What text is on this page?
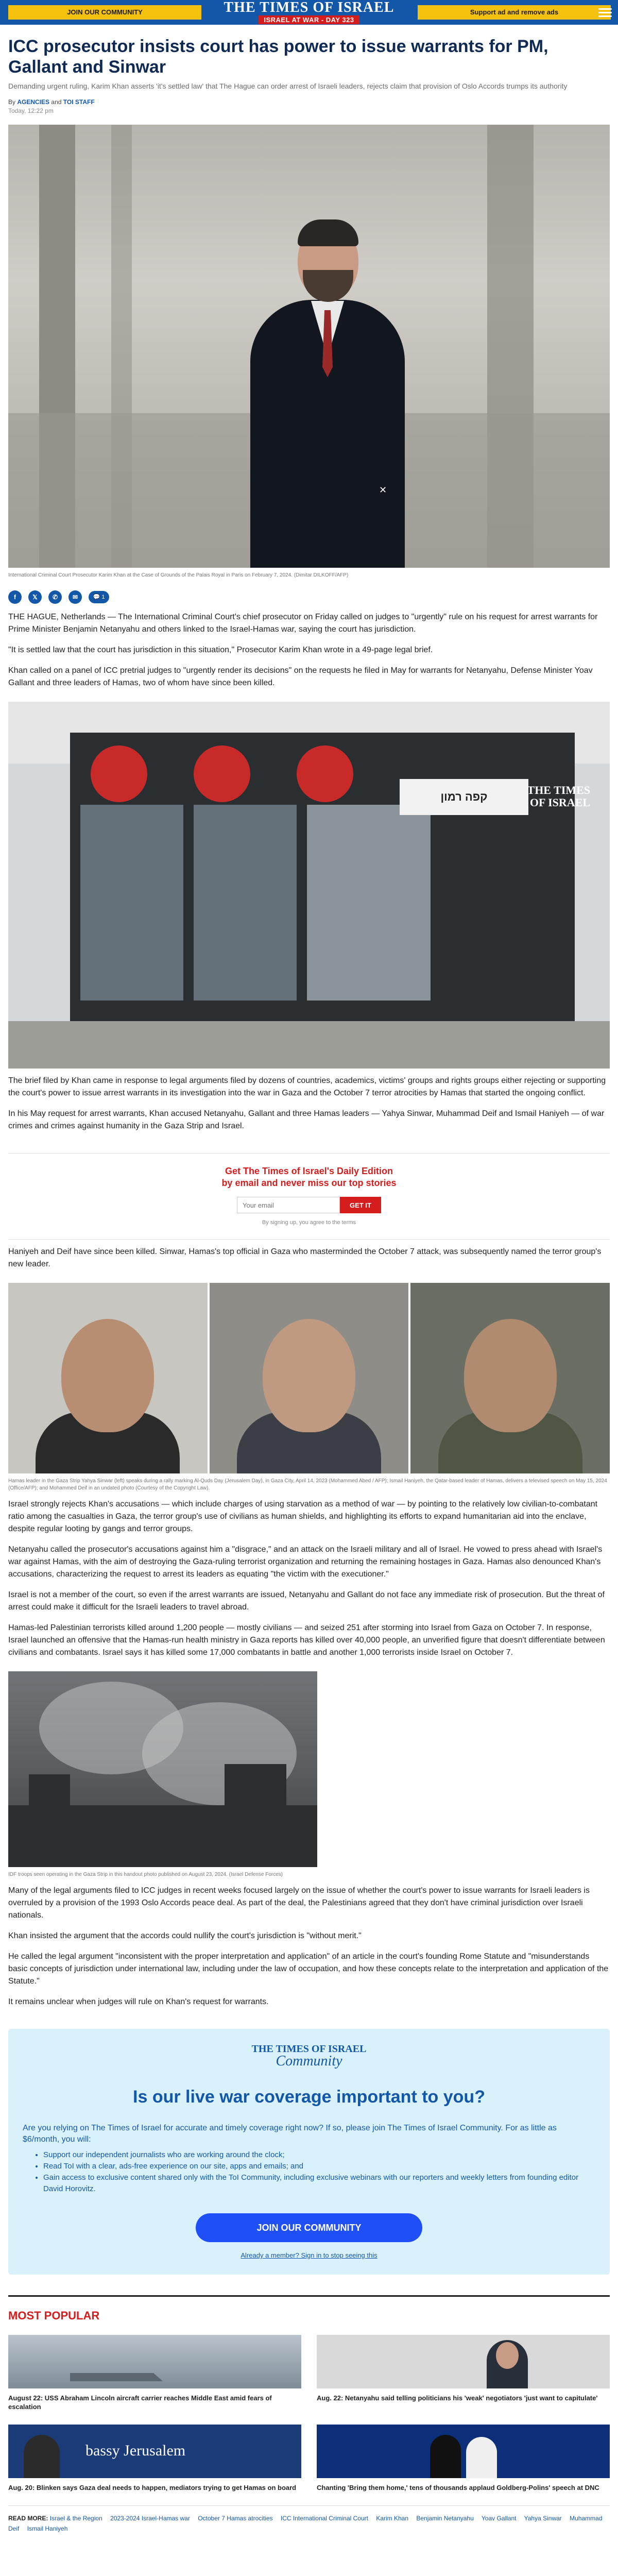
JOIN OUR COMMUNITY	THE TIMES OF ISRAEL
ISRAEL AT WAR - DAY 323
Support ad and remove ads
ICC prosecutor insists court has power to issue warrants for PM, Gallant and Sinwar
Demanding urgent ruling, Karim Khan asserts 'it's settled law' that The Hague can order arrest of Israeli leaders, rejects claim that provision of Oslo Accords trumps its authority
By AGENCIES and TOI STAFF
Today, 12:22 pm
✕
International Criminal Court Prosecutor Karim Khan at the Case of Grounds of the Palais Royal in Paris on February 7, 2024. (Dimitar DILKOFF/AFP)
f	𝕏	✆	✉	💬 1

THE HAGUE, Netherlands — The International Criminal Court's chief prosecutor on Friday called on judges to "urgently" rule on his request for arrest warrants for Prime Minister Benjamin Netanyahu and others linked to the Israel-Hamas war, saying the court has jurisdiction.

"It is settled law that the court has jurisdiction in this situation," Prosecutor Karim Khan wrote in a 49-page legal brief.

Khan called on a panel of ICC pretrial judges to "urgently render its decisions" on the requests he filed in May for warrants for Netanyahu, Defense Minister Yoav Gallant and three leaders of Hamas, two of whom have since been killed.

קפה רמון
THE TIMES
OF ISRAEL

The brief filed by Khan came in response to legal arguments filed by dozens of countries, academics, victims' groups and rights groups either rejecting or supporting the court's power to issue arrest warrants in its investigation into the war in Gaza and the October 7 terror atrocities by Hamas that started the ongoing conflict.

In his May request for arrest warrants, Khan accused Netanyahu, Gallant and three Hamas leaders — Yahya Sinwar, Muhammad Deif and Ismail Haniyeh — of war crimes and crimes against humanity in the Gaza Strip and Israel.

Get The Times of Israel's Daily Edition
by email and never miss our top stories
Your email
GET IT
By signing up, you agree to the terms

Haniyeh and Deif have since been killed. Sinwar, Hamas's top official in Gaza who masterminded the October 7 attack, was subsequently named the terror group's new leader.

Hamas leader in the Gaza Strip Yahya Sinwar (left) speaks during a rally marking Al-Quds Day (Jerusalem Day), in Gaza City, April 14, 2023 (Mohammed Abed / AFP); Ismail Haniyeh, the Qatar-based leader of Hamas, delivers a televised speech on May 15, 2024 (Office/AFP); and Mohammed Deif in an undated photo (Courtesy of the Copyright Law).

Israel strongly rejects Khan's accusations — which include charges of using starvation as a method of war — by pointing to the relatively low civilian-to-combatant ratio among the casualties in Gaza, the terror group's use of civilians as human shields, and highlighting its efforts to expand humanitarian aid into the enclave, despite regular looting by gangs and terror groups.

Netanyahu called the prosecutor's accusations against him a "disgrace," and an attack on the Israeli military and all of Israel. He vowed to press ahead with Israel's war against Hamas, with the aim of destroying the Gaza-ruling terrorist organization and returning the remaining hostages in Gaza. Hamas also denounced Khan's accusations, characterizing the request to arrest its leaders as equating "the victim with the executioner."

Israel is not a member of the court, so even if the arrest warrants are issued, Netanyahu and Gallant do not face any immediate risk of prosecution. But the threat of arrest could make it difficult for the Israeli leaders to travel abroad.

Hamas-led Palestinian terrorists killed around 1,200 people — mostly civilians — and seized 251 after storming into Israel from Gaza on October 7. In response, Israel launched an offensive that the Hamas-run health ministry in Gaza reports has killed over 40,000 people, an unverified figure that doesn't differentiate between civilians and combatants. Israel says it has killed some 17,000 combatants in battle and another 1,000 terrorists inside Israel on October 7.

IDF troops seen operating in the Gaza Strip in this handout photo published on August 23, 2024. (Israel Defense Forces)

Many of the legal arguments filed to ICC judges in recent weeks focused largely on the issue of whether the court's power to issue warrants for Israeli leaders is overruled by a provision of the 1993 Oslo Accords peace deal. As part of the deal, the Palestinians agreed that they don't have criminal jurisdiction over Israeli nationals.

Khan insisted the argument that the accords could nullify the court's jurisdiction is "without merit."

He called the legal argument "inconsistent with the proper interpretation and application" of an article in the court's founding Rome Statute and "misunderstands basic concepts of jurisdiction under international law, including under the law of occupation, and how these concepts relate to the interpretation and application of the Statute."

It remains unclear when judges will rule on Khan's request for warrants.

THE TIMES OF ISRAEL
Community
Is our live war coverage important to you?
Are you relying on The Times of Israel for accurate and timely coverage right now? If so, please join The Times of Israel Community. For as little as $6/month, you will:
• Support our independent journalists who are working around the clock;
• Read ToI with a clear, ads-free experience on our site, apps and emails; and
• Gain access to exclusive content shared only with the ToI Community, including exclusive webinars with our reporters and weekly letters from founding editor David Horovitz.
JOIN OUR COMMUNITY
Already a member? Sign in to stop seeing this
MOST POPULAR
August 22: USS Abraham Lincoln aircraft carrier reaches Middle East amid fears of escalation
Aug. 22: Netanyahu said telling politicians his 'weak' negotiators 'just want to capitulate'
bassy Jerusalem
Aug. 20: Blinken says Gaza deal needs to happen, mediators trying to get Hamas on board	Chanting 'Bring them home,' tens of thousands applaud Goldberg-Polins' speech at DNC
READ MORE: Israel & the Region 2023-2024 Israel-Hamas war October 7 Hamas atrocities ICC International Criminal Court Karim Khan Benjamin Netanyahu Yoav Gallant Yahya Sinwar Muhammad Deif Ismail Haniyeh
